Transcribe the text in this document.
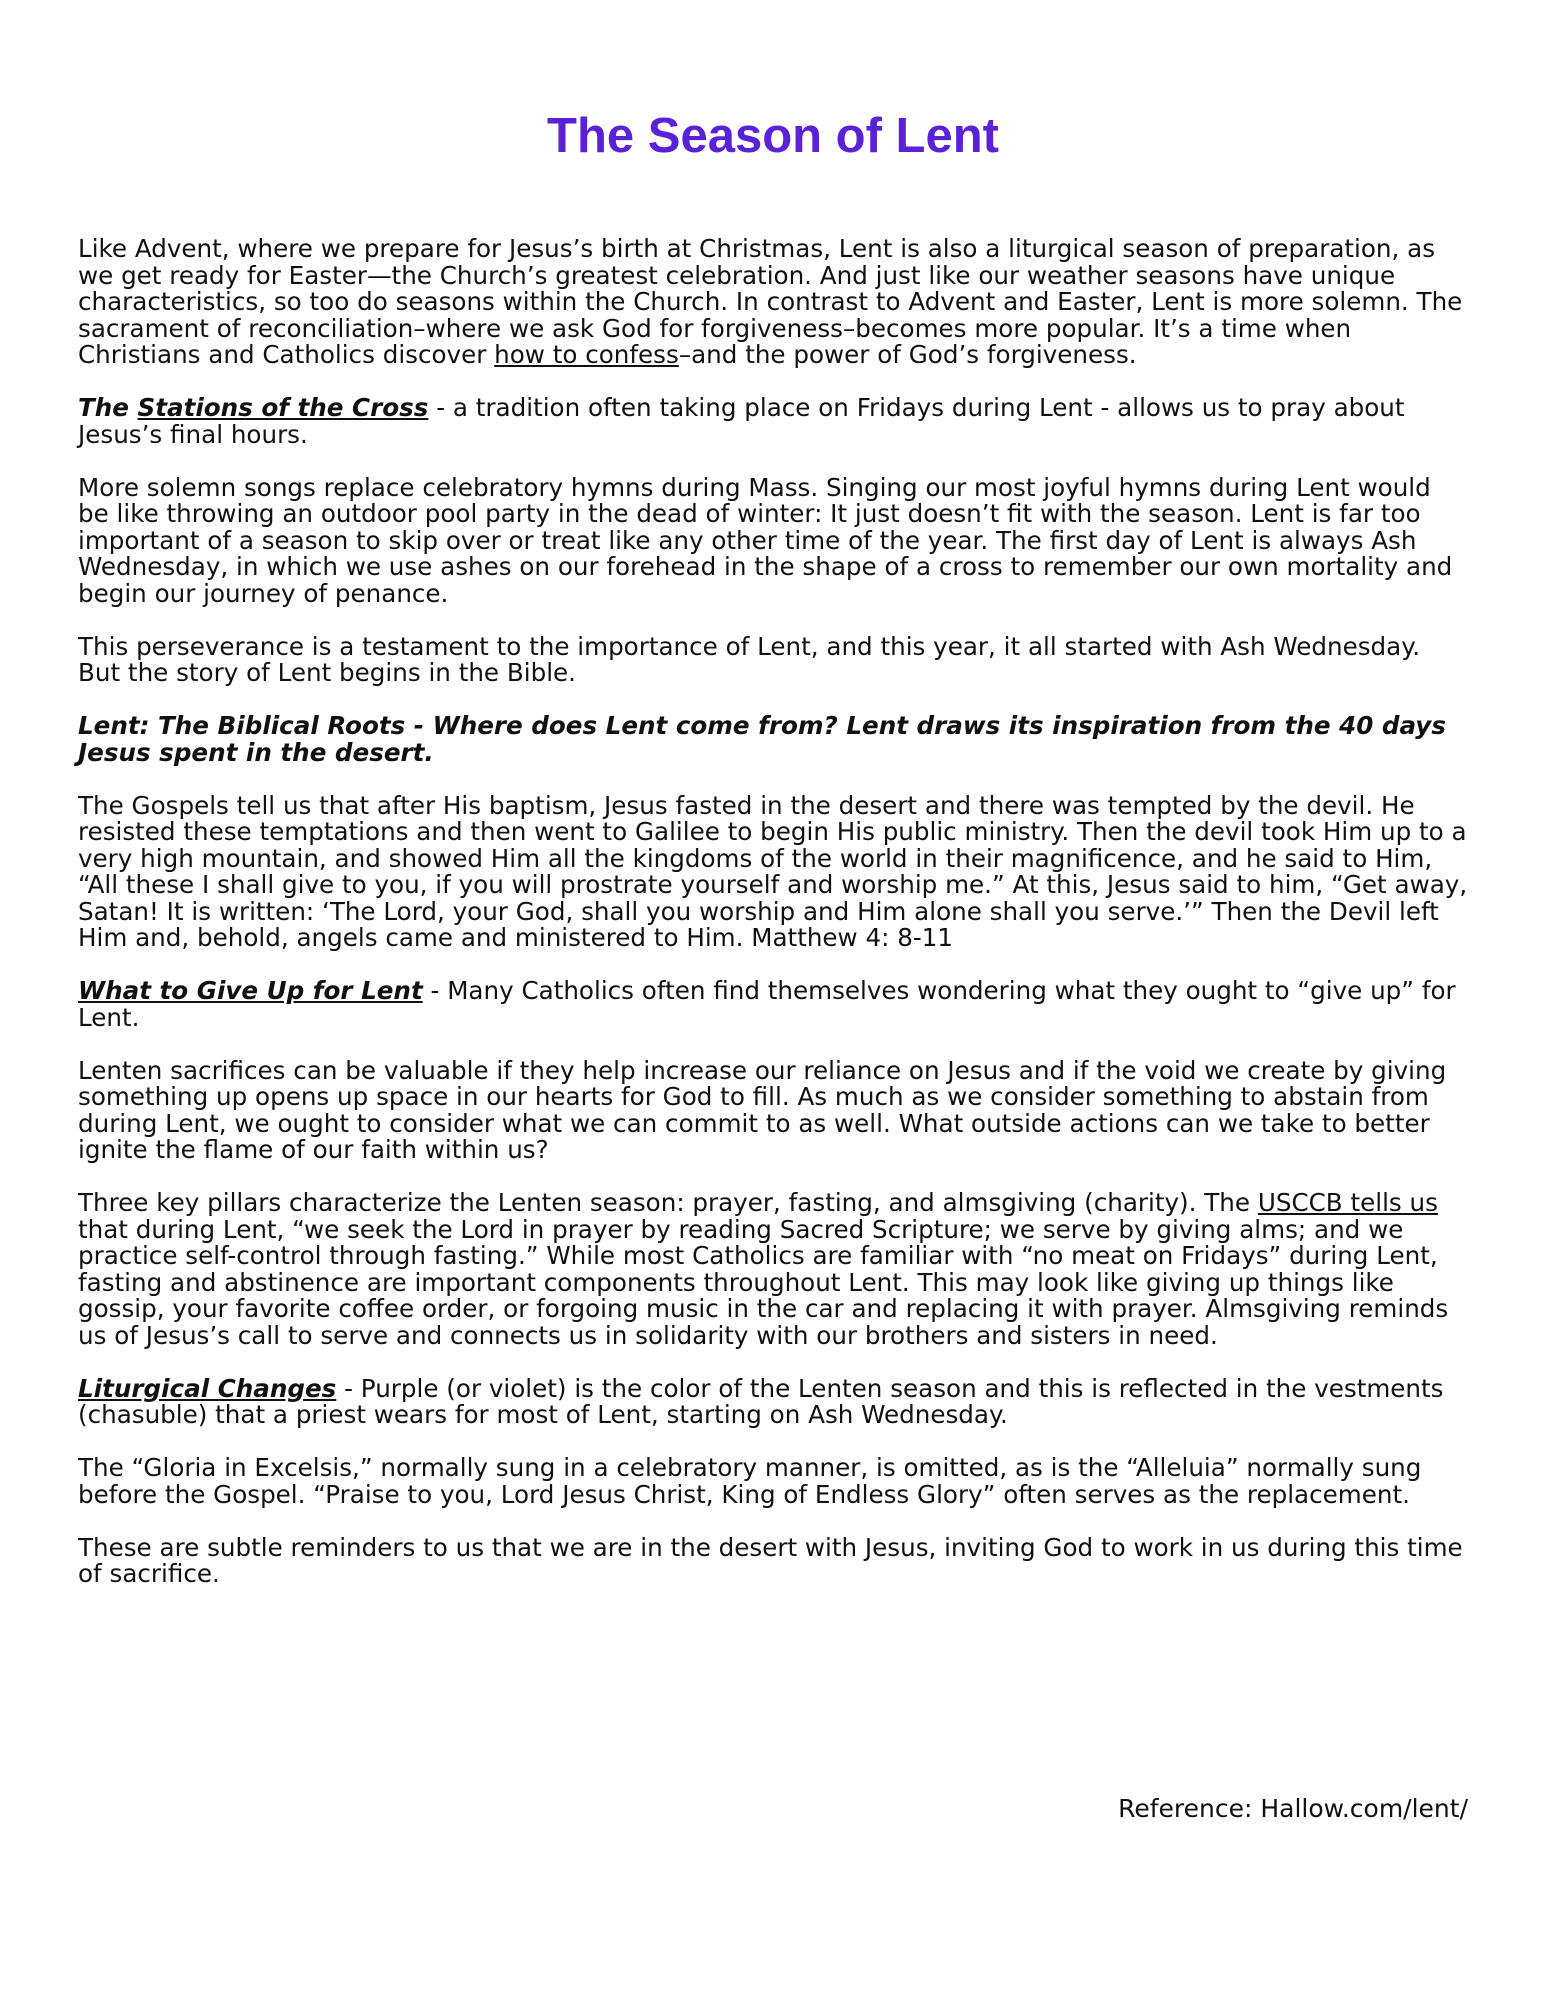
The Season of Lent

Like Advent, where we prepare for Jesus’s birth at Christmas, Lent is also a liturgical season of preparation, as we get ready for Easter—the Church’s greatest celebration. And just like our weather seasons have unique characteristics, so too do seasons within the Church. In contrast to Advent and Easter, Lent is more solemn. The sacrament of reconciliation–where we ask God for forgiveness–becomes more popular. It’s a time when Christians and Catholics discover how to confess–and the power of God’s forgiveness.

The Stations of the Cross - a tradition often taking place on Fridays during Lent - allows us to pray about Jesus’s final hours.

More solemn songs replace celebratory hymns during Mass. Singing our most joyful hymns during Lent would be like throwing an outdoor pool party in the dead of winter: It just doesn’t fit with the season. Lent is far too important of a season to skip over or treat like any other time of the year. The first day of Lent is always Ash Wednesday, in which we use ashes on our forehead in the shape of a cross to remember our own mortality and begin our journey of penance.

This perseverance is a testament to the importance of Lent, and this year, it all started with Ash Wednesday. But the story of Lent begins in the Bible.

Lent: The Biblical Roots - Where does Lent come from? Lent draws its inspiration from the 40 days Jesus spent in the desert.

The Gospels tell us that after His baptism, Jesus fasted in the desert and there was tempted by the devil. He resisted these temptations and then went to Galilee to begin His public ministry. Then the devil took Him up to a very high mountain, and showed Him all the kingdoms of the world in their magnificence, and he said to Him, “All these I shall give to you, if you will prostrate yourself and worship me.” At this, Jesus said to him, “Get away, Satan! It is written: ‘The Lord, your God, shall you worship and Him alone shall you serve.’” Then the Devil left Him and, behold, angels came and ministered to Him. Matthew 4: 8-11

What to Give Up for Lent - Many Catholics often find themselves wondering what they ought to “give up” for Lent.

Lenten sacrifices can be valuable if they help increase our reliance on Jesus and if the void we create by giving something up opens up space in our hearts for God to fill. As much as we consider something to abstain from during Lent, we ought to consider what we can commit to as well. What outside actions can we take to better ignite the flame of our faith within us?

Three key pillars characterize the Lenten season: prayer, fasting, and almsgiving (charity). The USCCB tells us that during Lent, “we seek the Lord in prayer by reading Sacred Scripture; we serve by giving alms; and we practice self-control through fasting.” While most Catholics are familiar with “no meat on Fridays” during Lent, fasting and abstinence are important components throughout Lent. This may look like giving up things like gossip, your favorite coffee order, or forgoing music in the car and replacing it with prayer. Almsgiving reminds us of Jesus’s call to serve and connects us in solidarity with our brothers and sisters in need.

Liturgical Changes - Purple (or violet) is the color of the Lenten season and this is reflected in the vestments (chasuble) that a priest wears for most of Lent, starting on Ash Wednesday.

The “Gloria in Excelsis,” normally sung in a celebratory manner, is omitted, as is the “Alleluia” normally sung before the Gospel. “Praise to you, Lord Jesus Christ, King of Endless Glory” often serves as the replacement.

These are subtle reminders to us that we are in the desert with Jesus, inviting God to work in us during this time of sacrifice.

Reference: Hallow.com/lent/
